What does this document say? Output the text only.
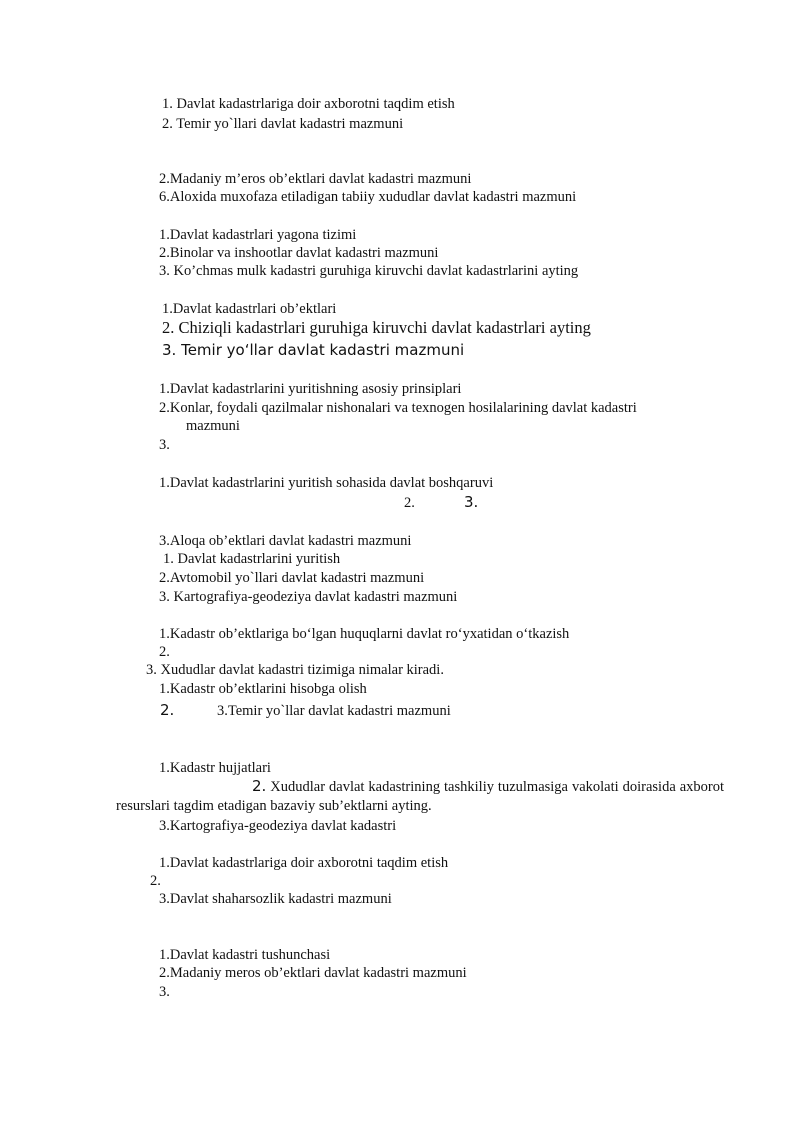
1. Davlat kadastrlariga doir axborotni taqdim etish
2. Temir yo`llari davlat kadastri mazmuni
2.Madaniy m’eros ob’ektlari davlat kadastri mazmuni
6.Aloxida muxofaza etiladigan tabiiy xududlar davlat kadastri mazmuni
1.Davlat kadastrlari yagona tizimi
2.Binolar va inshootlar davlat kadastri mazmuni
3. Ko’chmas mulk kadastri guruhiga kiruvchi davlat kadastrlarini ayting
1.Davlat kadastrlari ob’ektlari
2. Chiziqli kadastrlari guruhiga kiruvchi davlat kadastrlari ayting
3. Temir yo‘llar davlat kadastri mazmuni
1.Davlat kadastrlarini yuritishning asosiy prinsiplari
2.Konlar, foydali qazilmalar nishonalari va texnogen hosilalarining davlat kadastri
mazmuni
3.
1.Davlat kadastrlarini yuritish sohasida davlat boshqaruvi
2.	3.
3.Aloqa ob’ektlari davlat kadastri mazmuni
1. Davlat kadastrlarini yuritish
2.Avtomobil yo`llari davlat kadastri mazmuni
3. Kartografiya-geodeziya davlat kadastri mazmuni
1.Kadastr ob’ektlariga bo‘lgan huquqlarni davlat ro‘yxatidan o‘tkazish
2.
3. Xududlar davlat kadastri tizimiga nimalar kiradi.
1.Kadastr ob’ektlarini hisobga olish
2.	3.Temir yo`llar davlat kadastri mazmuni
1.Kadastr hujjatlari
2. Xududlar davlat kadastrining tashkiliy tuzulmasiga vakolati doirasida axborot resurslari tagdim etadigan bazaviy sub’ektlarni ayting.
3.Kartografiya-geodeziya davlat kadastri
1.Davlat kadastrlariga doir axborotni taqdim etish
2.
3.Davlat shaharsozlik kadastri mazmuni
1.Davlat kadastri tushunchasi
2.Madaniy meros ob’ektlari davlat kadastri mazmuni
3.
